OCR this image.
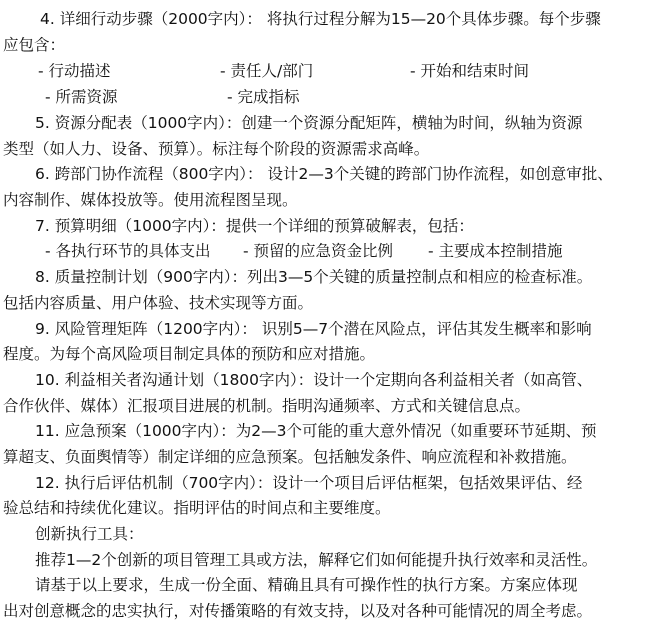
4. 详细行动步骤（2000字内）： 将执行过程分解为15—20个具体步骤。每个步骤
应包含：
- 行动描述	- 责任人/部门	- 开始和结束时间
- 所需资源	- 完成指标
5. 资源分配表（1000字内）：创建一个资源分配矩阵，横轴为时间，纵轴为资源
类型（如人力、设备、预算）。标注每个阶段的资源需求高峰。
6. 跨部门协作流程（800字内）： 设计2—3个关键的跨部门协作流程，如创意审批、
内容制作、媒体投放等。使用流程图呈现。
7. 预算明细（1000字内）：提供一个详细的预算破解表，包括：
- 各执行环节的具体支出 - 预留的应急资金比例 - 主要成本控制措施
8. 质量控制计划（900字内）：列出3—5个关键的质量控制点和相应的检查标准。
包括内容质量、用户体验、技术实现等方面。
9. 风险管理矩阵（1200字内）： 识别5—7个潜在风险点，评估其发生概率和影响
程度。为每个高风险项目制定具体的预防和应对措施。
10. 利益相关者沟通计划（1800字内）：设计一个定期向各利益相关者（如高管、
合作伙伴、媒体）汇报项目进展的机制。指明沟通频率、方式和关键信息点。
11. 应急预案（1000字内）：为2—3个可能的重大意外情况（如重要环节延期、预
算超支、负面舆情等）制定详细的应急预案。包括触发条件、响应流程和补救措施。
12. 执行后评估机制（700字内）：设计一个项目后评估框架，包括效果评估、经
验总结和持续优化建议。指明评估的时间点和主要维度。
创新执行工具：
推荐1—2个创新的项目管理工具或方法，解释它们如何能提升执行效率和灵活性。
请基于以上要求，生成一份全面、精确且具有可操作性的执行方案。方案应体现
出对创意概念的忠实执行，对传播策略的有效支持，以及对各种可能情况的周全考虑。
